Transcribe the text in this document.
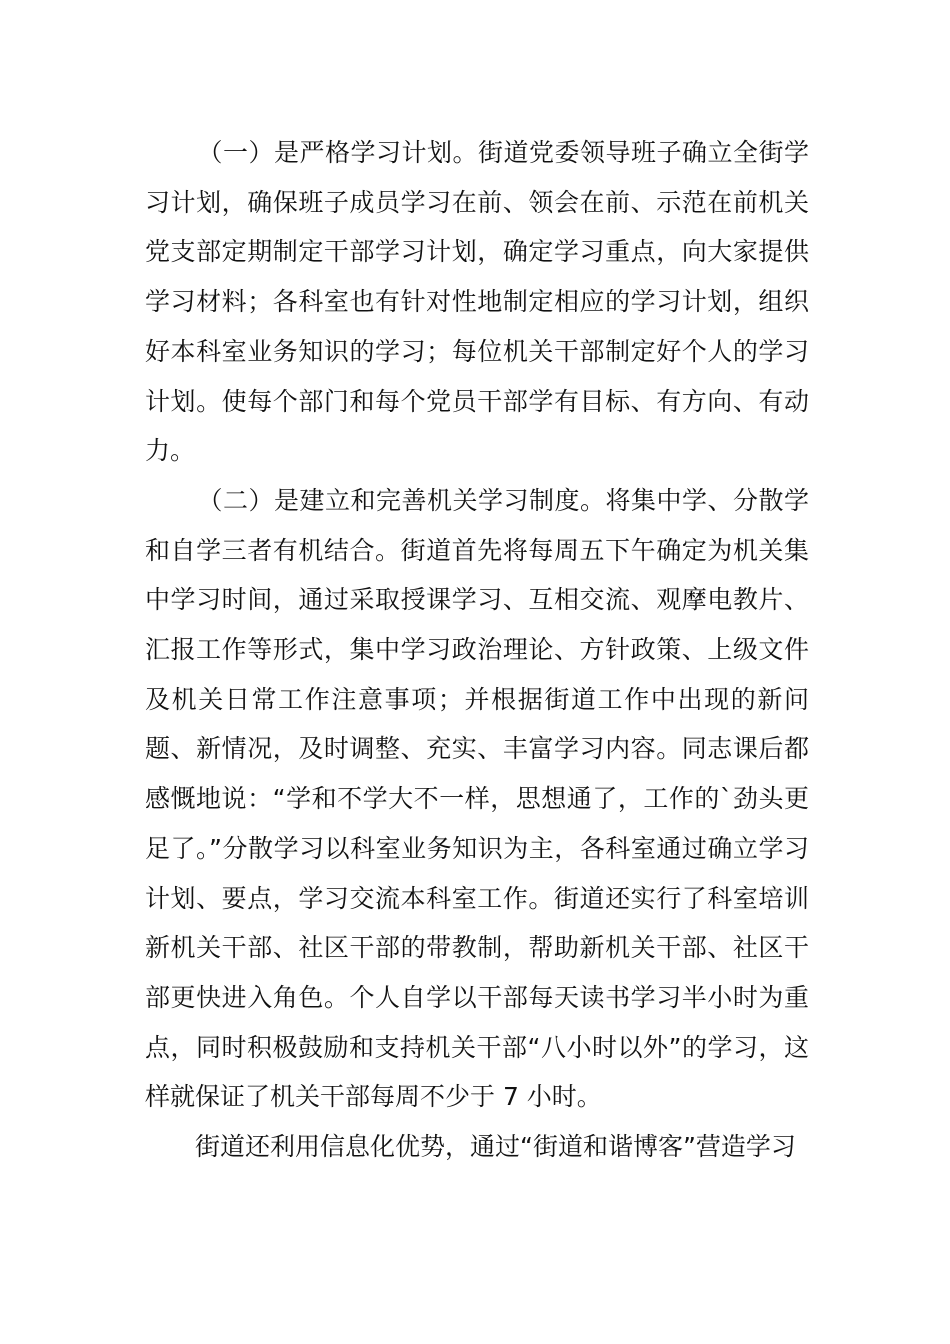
（一）是严格学习计划。街道党委领导班子确立全街学习计划，确保班子成员学习在前、领会在前、示范在前机关党支部定期制定干部学习计划，确定学习重点，向大家提供学习材料；各科室也有针对性地制定相应的学习计划，组织好本科室业务知识的学习；每位机关干部制定好个人的学习计划。使每个部门和每个党员干部学有目标、有方向、有动力。

（二）是建立和完善机关学习制度。将集中学、分散学和自学三者有机结合。街道首先将每周五下午确定为机关集中学习时间，通过采取授课学习、互相交流、观摩电教片、汇报工作等形式，集中学习政治理论、方针政策、上级文件及机关日常工作注意事项；并根据街道工作中出现的新问题、新情况，及时调整、充实、丰富学习内容。同志课后都感慨地说：“学和不学大不一样，思想通了，工作的`劲头更足了。”分散学习以科室业务知识为主，各科室通过确立学习计划、要点，学习交流本科室工作。街道还实行了科室培训新机关干部、社区干部的带教制，帮助新机关干部、社区干部更快进入角色。个人自学以干部每天读书学习半小时为重点，同时积极鼓励和支持机关干部“八小时以外”的学习，这样就保证了机关干部每周不少于 7 小时。

街道还利用信息化优势，通过“街道和谐博客”营造学习
